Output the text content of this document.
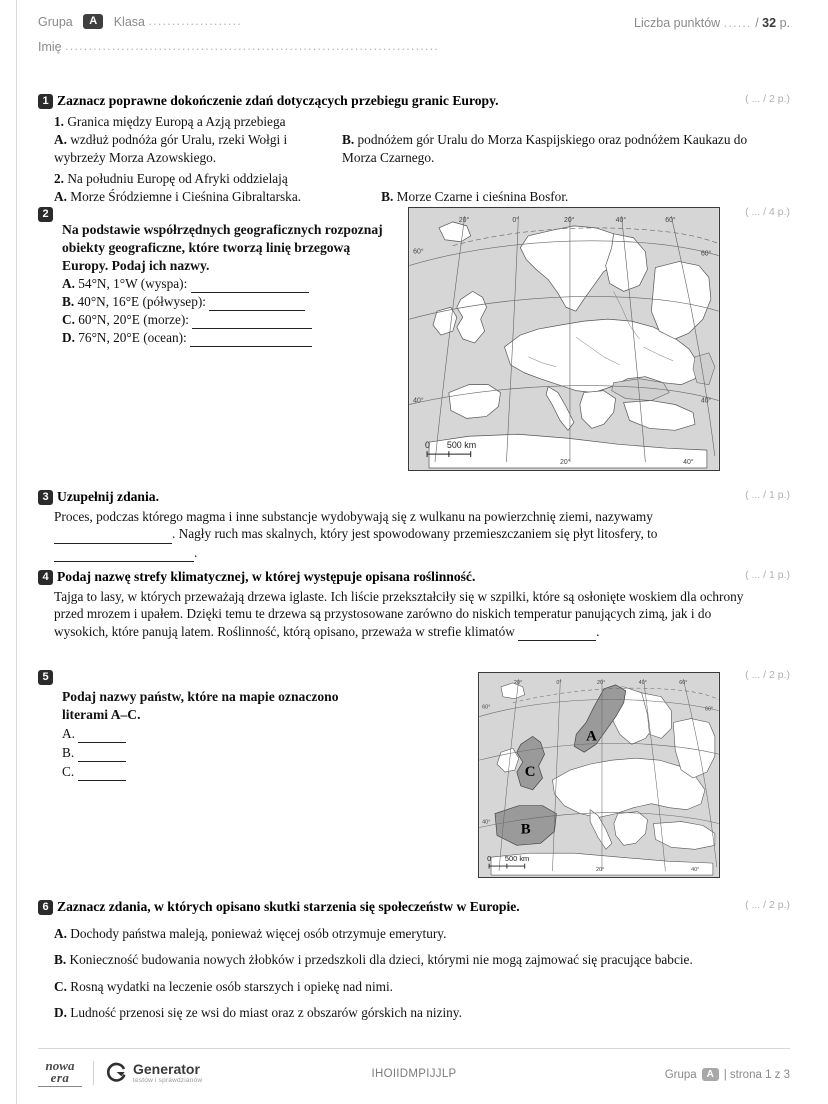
Grupa A Klasa ....................	Liczba punktów ...... / 32 p.
Imię ................................................................................
1 Zaznacz poprawne dokończenie zdań dotyczących przebiegu granic Europy.	( ... / 2 p.)
1. Granica między Europą a Azją przebiega
A. wzdłuż podnóża gór Uralu, rzeki Wołgi i wybrzeży Morza Azowskiego.
B. podnóżem gór Uralu do Morza Kaspijskiego oraz podnóżem Kaukazu do Morza Czarnego.
2. Na południu Europę od Afryki oddzielają
A. Morze Śródziemne i Cieśnina Gibraltarska.	B. Morze Czarne i cieśnina Bosfor.
2	( ... / 4 p.)
Na podstawie współrzędnych geograficznych rozpoznaj obiekty geograficzne, które tworzą linię brzegową Europy. Podaj ich nazwy.
A. 54°N, 1°W (wyspa):
B. 40°N, 16°E (półwysep):
C. 60°N, 20°E (morze):
D. 76°N, 20°E (ocean):
20°	0°	20°	40°	60°
60°	60°
40°	40°
20°	40°
0 500 km
3 Uzupełnij zdania.	( ... / 1 p.)
Proces, podczas którego magma i inne substancje wydobywają się z wulkanu na powierzchnię ziemi, nazywamy  . Nagły ruch mas skalnych, który jest spowodowany przemieszczaniem się płyt litosfery, to  .
4 Podaj nazwę strefy klimatycznej, w której występuje opisana roślinność.	( ... / 1 p.)
Tajga to lasy, w których przeważają drzewa iglaste. Ich liście przekształciły się w szpilki, które są osłonięte woskiem dla ochrony przed mrozem i upałem. Dzięki temu te drzewa są przystosowane zarówno do niskich temperatur panujących zimą, jak i do wysokich, które panują latem. Roślinność, którą opisano, przeważa w strefie klimatów	.
5	( ... / 2 p.)
Podaj nazwy państw, które na mapie oznaczono literami A–C.
A.
B.
C.
A
B
C
20°	0°	20°	40°	60°
60°	60°
40°
20°	40°
0 500 km
6 Zaznacz zdania, w których opisano skutki starzenia się społeczeństw w Europie.	( ... / 2 p.)
A. Dochody państwa maleją, ponieważ więcej osób otrzymuje emerytury.
B. Konieczność budowania nowych żłobków i przedszkoli dla dzieci, którymi nie mogą zajmować się pracujące babcie.
C. Rosną wydatki na leczenie osób starszych i opiekę nad nimi.
D. Ludność przenosi się ze wsi do miast oraz z obszarów górskich na niziny.
nowa
era
Generator
testów i sprawdzianów
IHOIIDMPIJJLP	Grupa A |
strona 1 z 3
